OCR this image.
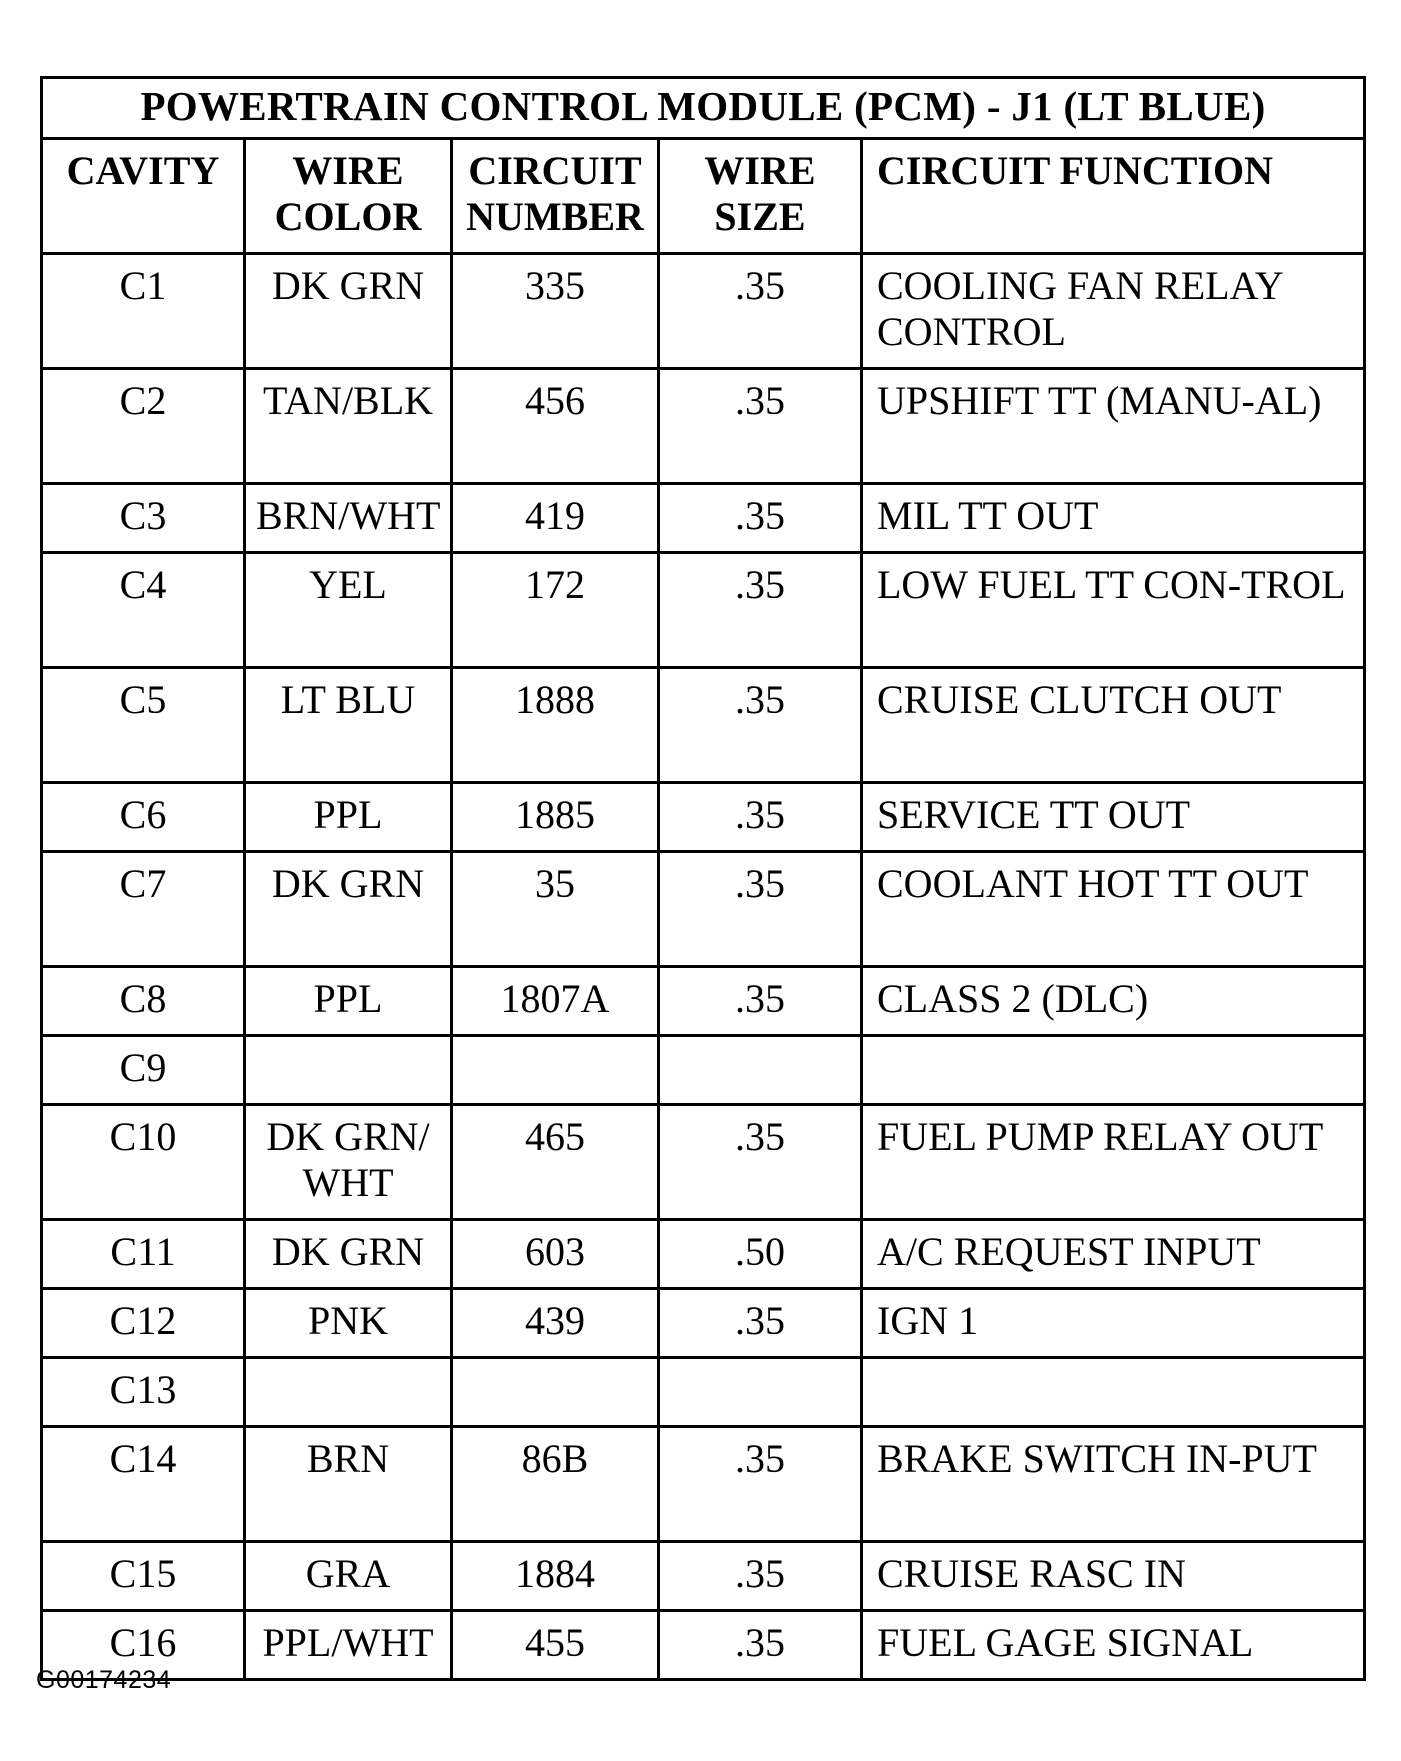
POWERTRAIN CONTROL MODULE (PCM) - J1 (LT BLUE)				
CAVITY	WIRE COLOR	CIRCUIT NUMBER	WIRE SIZE	CIRCUIT FUNCTION
C1	DK GRN	335	.35	COOLING FAN RELAY CONTROL
C2	TAN/BLK	456	.35	UPSHIFT TT (MANU-AL)
C3	BRN/WHT	419	.35	MIL TT OUT
C4	YEL	172	.35	LOW FUEL TT CON-TROL
C5	LT BLU	1888	.35	CRUISE CLUTCH OUT
C6	PPL	1885	.35	SERVICE TT OUT
C7	DK GRN	35	.35	COOLANT HOT TT OUT
C8	PPL	1807A	.35	CLASS 2 (DLC)
C9				
C10	DK GRN/ WHT	465	.35	FUEL PUMP RELAY OUT
C11	DK GRN	603	.50	A/C REQUEST INPUT
C12	PNK	439	.35	IGN 1
C13				
C14	BRN	86B	.35	BRAKE SWITCH IN-PUT
C15	GRA	1884	.35	CRUISE RASC IN
C16	PPL/WHT	455	.35	FUEL GAGE SIGNAL
G00174234
